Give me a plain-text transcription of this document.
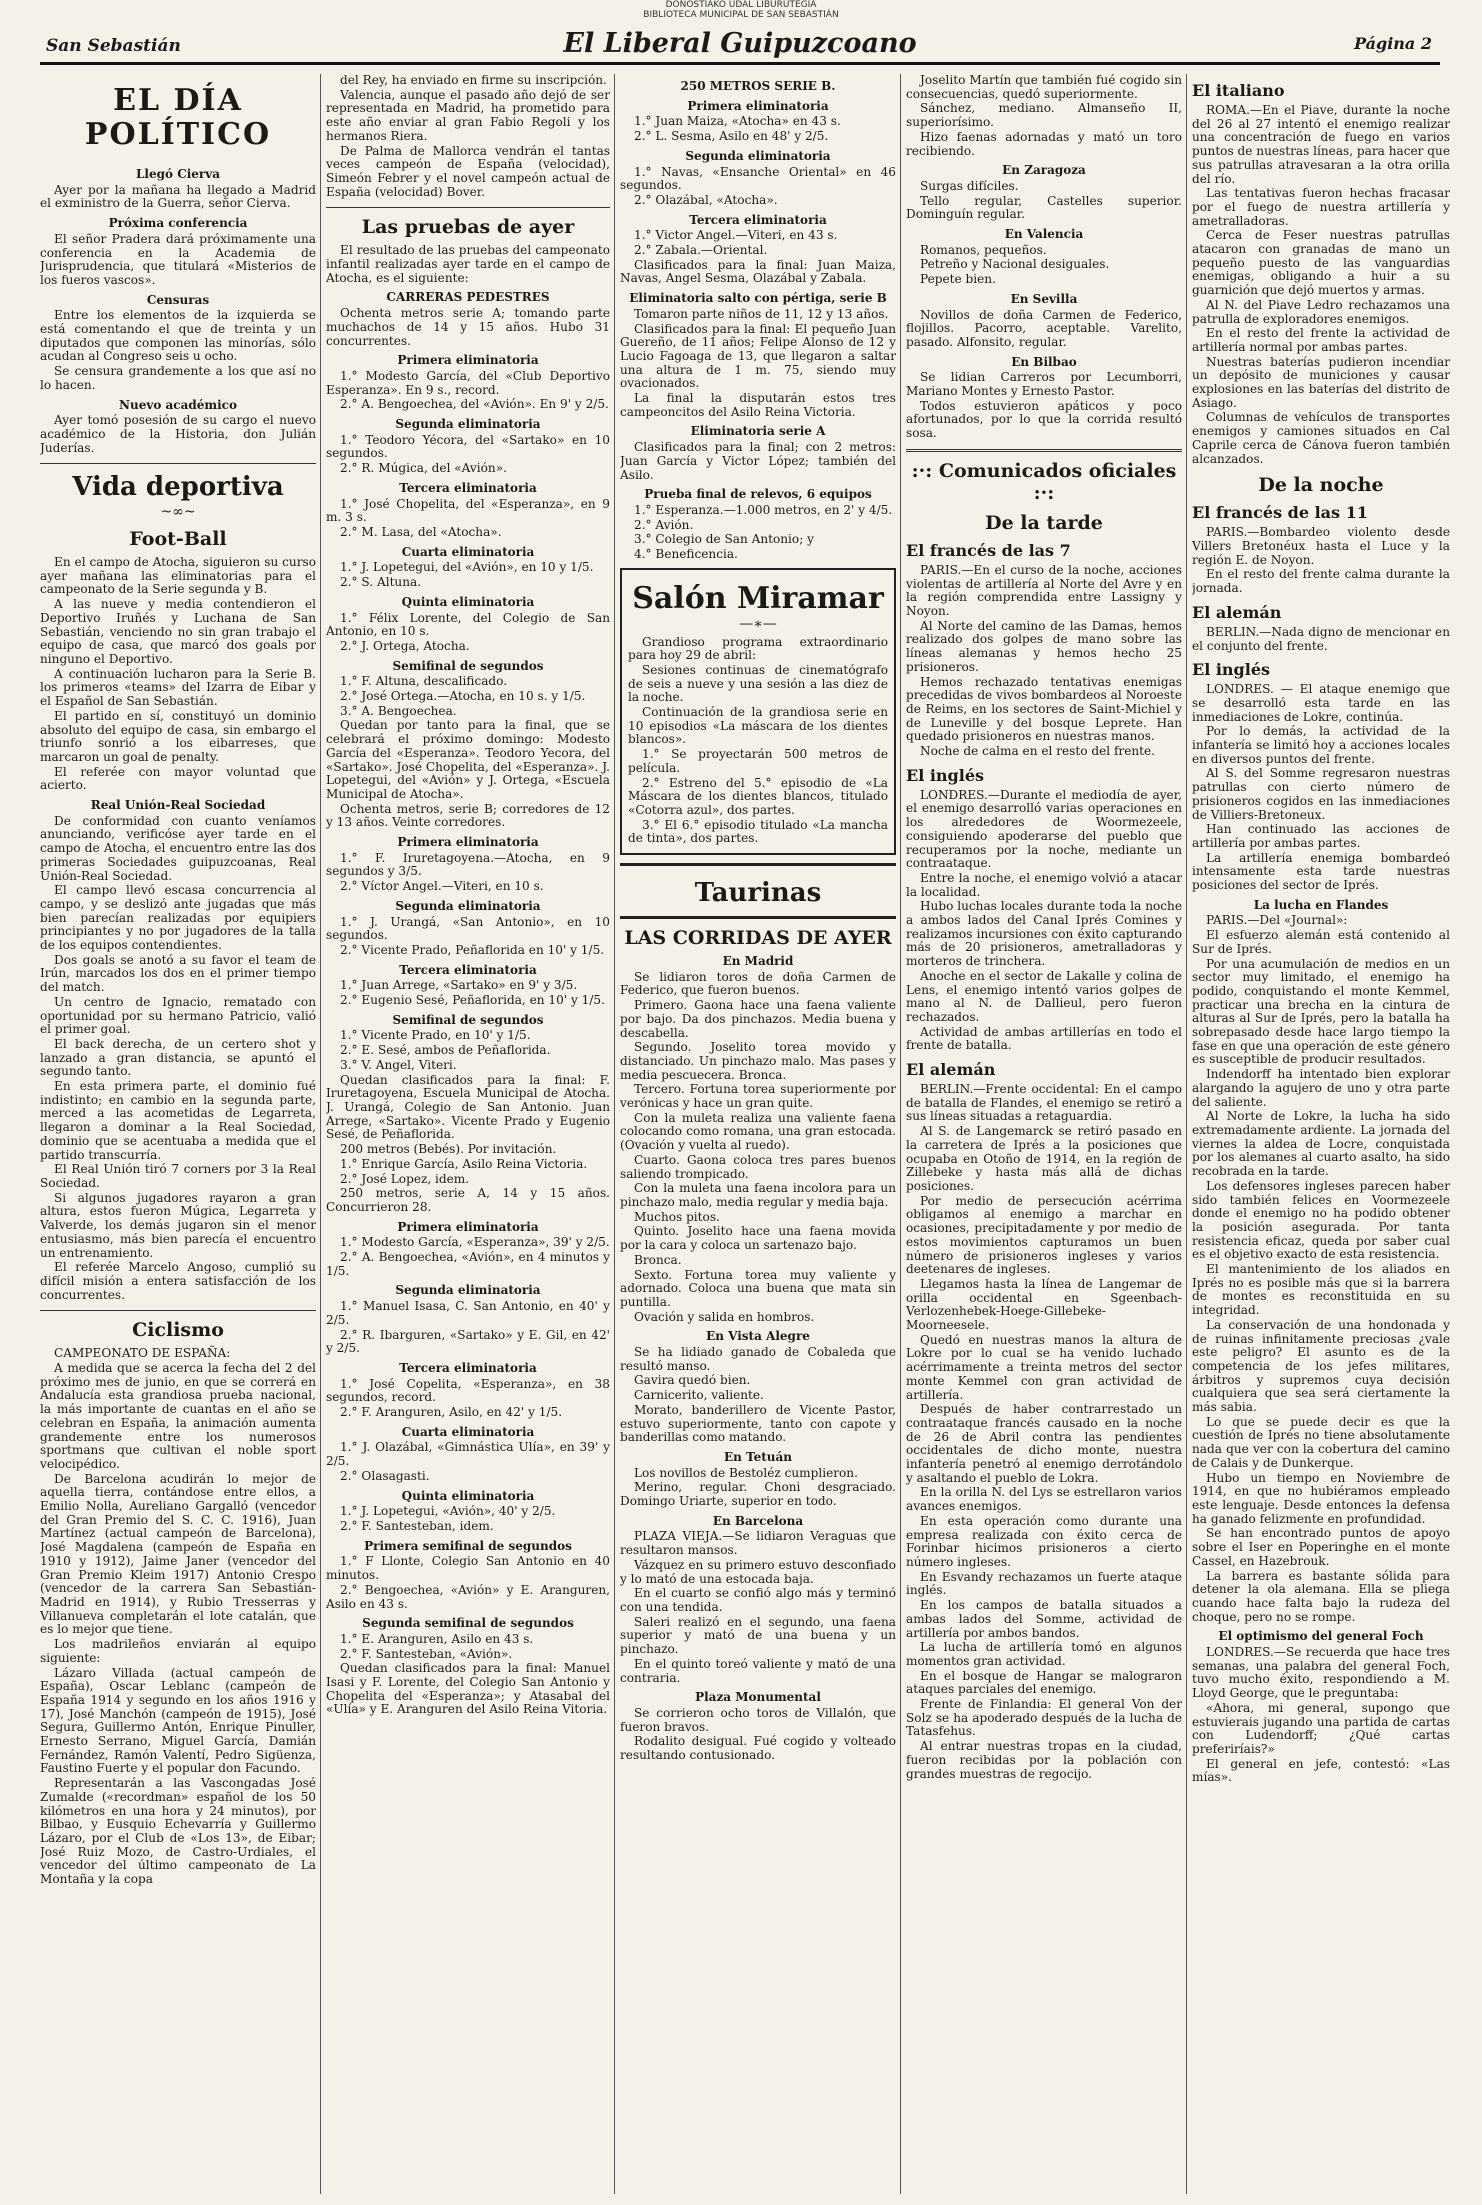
DONOSTIAKO UDAL LIBURUTEGIA
BIBLIOTECA MUNICIPAL DE SAN SEBASTIÁN
San Sebastián	El Liberal Guipuzcoano	Página 2
EL DÍA POLÍTICO
Llegó Cierva

Ayer por la mañana ha llegado a Madrid el exministro de la Guerra, señor Cierva.

Próxima conferencia

El señor Pradera dará próximamente una conferencia en la Academia de Jurisprudencia, que titulará «Misterios de los fueros vascos».

Censuras

Entre los elementos de la izquierda se está comentando el que de treinta y un diputados que componen las minorías, sólo acudan al Congreso seis u ocho.

Se censura grandemente a los que así no lo hacen.

Nuevo académico

Ayer tomó posesión de su cargo el nuevo académico de la Historia, don Julián Juderías.

Vida deportiva
~∞~
Foot-Ball

En el campo de Atocha, siguieron su curso ayer mañana las eliminatorias para el campeonato de la Serie segunda y B.

A las nueve y media contendieron el Deportivo Iruñés y Luchana de San Sebastián, venciendo no sin gran trabajo el equipo de casa, que marcó dos goals por ninguno el Deportivo.

A continuación lucharon para la Serie B. los primeros «teams» del Izarra de Eibar y el Español de San Sebastián.

El partido en sí, constituyó un dominio absoluto del equipo de casa, sin embargo el triunfo sonrió a los eibarreses, que marcaron un goal de penalty.

El referée con mayor voluntad que acierto.

Real Unión-Real Sociedad

De conformidad con cuanto veníamos anunciando, verificóse ayer tarde en el campo de Atocha, el encuentro entre las dos primeras Sociedades guipuzcoanas, Real Unión-Real Sociedad.

El campo llevó escasa concurrencia al campo, y se deslizó ante jugadas que más bien parecían realizadas por equipiers principiantes y no por jugadores de la talla de los equipos contendientes.

Dos goals se anotó a su favor el team de Irún, marcados los dos en el primer tiempo del match.

Un centro de Ignacio, rematado con oportunidad por su hermano Patricio, valió el primer goal.

El back derecha, de un certero shot y lanzado a gran distancia, se apuntó el segundo tanto.

En esta primera parte, el dominio fué indistinto; en cambio en la segunda parte, merced a las acometidas de Legarreta, llegaron a dominar a la Real Sociedad, dominio que se acentuaba a medida que el partido transcurría.

El Real Unión tiró 7 corners por 3 la Real Sociedad.

Si algunos jugadores rayaron a gran altura, estos fueron Múgica, Legarreta y Valverde, los demás jugaron sin el menor entusiasmo, más bien parecía el encuentro un entrenamiento.

El referée Marcelo Angoso, cumplió su difícil misión a entera satisfacción de los concurrentes.

Ciclismo

CAMPEONATO DE ESPAÑA:

A medida que se acerca la fecha del 2 del próximo mes de junio, en que se correrá en Andalucía esta grandiosa prueba nacional, la más importante de cuantas en el año se celebran en España, la animación aumenta grandemente entre los numerosos sportmans que cultivan el noble sport velocipédico.

De Barcelona acudirán lo mejor de aquella tierra, contándose entre ellos, a Emilio Nolla, Aureliano Gargalló (vencedor del Gran Premio del S. C. C. 1916), Juan Martínez (actual campeón de Barcelona), José Magdalena (campeón de España en 1910 y 1912), Jaime Janer (vencedor del Gran Premio Kleim 1917) Antonio Crespo (vencedor de la carrera San Sebastián-Madrid en 1914), y Rubio Tresserras y Villanueva completarán el lote catalán, que es lo mejor que tiene.

Los madrileños enviarán al equipo siguiente:

Lázaro Villada (actual campeón de España), Oscar Leblanc (campeón de España 1914 y segundo en los años 1916 y 17), José Manchón (campeón de 1915), José Segura, Guillermo Antón, Enrique Pinuller, Ernesto Serrano, Miguel García, Damián Fernández, Ramón Valentí, Pedro Sigüenza, Faustino Fuerte y el popular don Facundo.

Representarán a las Vascongadas José Zumalde («recordman» español de los 50 kilómetros en una hora y 24 minutos), por Bilbao, y Eusquio Echevarría y Guillermo Lázaro, por el Club de «Los 13», de Eibar; José Ruiz Mozo, de Castro-Urdiales, el vencedor del último campeonato de La Montaña y la copa

del Rey, ha enviado en firme su inscripción.

Valencia, aunque el pasado año dejó de ser representada en Madrid, ha prometido para este año enviar al gran Fabio Regoli y los hermanos Riera.

De Palma de Mallorca vendrán el tantas veces campeón de España (velocidad), Simeón Febrer y el novel campeón actual de España (velocidad) Bover.

Las pruebas de ayer

El resultado de las pruebas del campeonato infantil realizadas ayer tarde en el campo de Atocha, es el siguiente:

CARRERAS PEDESTRES

Ochenta metros serie A; tomando parte muchachos de 14 y 15 años. Hubo 31 concurrentes.

Primera eliminatoria

1.° Modesto García, del «Club Deportivo Esperanza». En 9 s., record.

2.° A. Bengoechea, del «Avión». En 9' y 2/5.

Segunda eliminatoria

1.° Teodoro Yécora, del «Sartako» en 10 segundos.

2.° R. Múgica, del «Avión».

Tercera eliminatoria

1.° José Chopelita, del «Esperanza», en 9 m. 3 s.

2.° M. Lasa, del «Atocha».

Cuarta eliminatoria

1.° J. Lopetegui, del «Avión», en 10 y 1/5.

2.° S. Altuna.

Quinta eliminatoria

1.° Félix Lorente, del Colegio de San Antonio, en 10 s.

2.° J. Ortega, Atocha.

Semifinal de segundos

1.° F. Altuna, descalificado.

2.° José Ortega.—Atocha, en 10 s. y 1/5.

3.° A. Bengoechea.

Quedan por tanto para la final, que se celebrará el próximo domingo: Modesto García del «Esperanza». Teodoro Yecora, del «Sartako». José Chopelita, del «Esperanza». J. Lopetegui, del «Avión» y J. Ortega, «Escuela Municipal de Atocha».

Ochenta metros, serie B; corredores de 12 y 13 años. Veinte corredores.

Primera eliminatoria

1.° F. Iruretagoyena.—Atocha, en 9 segundos y 3/5.

2.° Víctor Angel.—Viteri, en 10 s.

Segunda eliminatoria

1.° J. Urangá, «San Antonio», en 10 segundos.

2.° Vicente Prado, Peñaflorida en 10' y 1/5.

Tercera eliminatoria

1.° Juan Arrege, «Sartako» en 9' y 3/5.

2.° Eugenio Sesé, Peñaflorida, en 10' y 1/5.

Semifinal de segundos

1.° Vicente Prado, en 10' y 1/5.

2.° E. Sesé, ambos de Peñaflorida.

3.° V. Angel, Viteri.

Quedan clasificados para la final: F. Iruretagoyena, Escuela Municipal de Atocha. J. Urangá, Colegio de San Antonio. Juan Arrege, «Sartako». Vicente Prado y Eugenio Sesé, de Peñaflorida.

200 metros (Bebés). Por invitación.

1.° Enrique García, Asilo Reina Victoria.

2.° José Lopez, idem.

250 metros, serie A, 14 y 15 años. Concurrieron 28.

Primera eliminatoria

1.° Modesto García, «Esperanza», 39' y 2/5.

2.° A. Bengoechea, «Avión», en 4 minutos y 1/5.

Segunda eliminatoria

1.° Manuel Isasa, C. San Antonio, en 40' y 2/5.

2.° R. Ibarguren, «Sartako» y E. Gil, en 42' y 2/5.

Tercera eliminatoria

1.° José Copelita, «Esperanza», en 38 segundos, record.

2.° F. Aranguren, Asilo, en 42' y 1/5.

Cuarta eliminatoria

1.° J. Olazábal, «Gimnástica Ulía», en 39' y 2/5.

2.° Olasagasti.

Quinta eliminatoria

1.° J. Lopetegui, «Avión», 40' y 2/5.

2.° F. Santesteban, idem.

Primera semifinal de segundos

1.° F Llonte, Colegio San Antonio en 40 minutos.

2.° Bengoechea, «Avión» y E. Aranguren, Asilo en 43 s.

Segunda semifinal de segundos

1.° E. Aranguren, Asilo en 43 s.

2.° F. Santesteban, «Avión».

Quedan clasificados para la final: Manuel Isasi y F. Lorente, del Colegio San Antonio y Chopelita del «Esperanza»; y Atasabal del «Ulía» y E. Aranguren del Asilo Reina Vitoria.

250 METROS SERIE B.
Primera eliminatoria

1.° Juan Maiza, «Atocha» en 43 s.

2.° L. Sesma, Asilo en 48' y 2/5.

Segunda eliminatoria

1.° Navas, «Ensanche Oriental» en 46 segundos.

2.° Olazábal, «Atocha».

Tercera eliminatoria

1.° Victor Angel.—Viteri, en 43 s.

2.° Zabala.—Oriental.

Clasificados para la final: Juan Maiza, Navas, Angel Sesma, Olazábal y Zabala.

Eliminatoria salto con pértiga, serie B

Tomaron parte niños de 11, 12 y 13 años.

Clasificados para la final: El pequeño Juan Guereño, de 11 años; Felipe Alonso de 12 y Lucio Fagoaga de 13, que llegaron a saltar una altura de 1 m. 75, siendo muy ovacionados.

La final la disputarán estos tres campeoncitos del Asilo Reina Victoria.

Eliminatoria serie A

Clasificados para la final; con 2 metros: Juan García y Victor López; también del Asilo.

Prueba final de relevos, 6 equipos

1.° Esperanza.—1.000 metros, en 2' y 4/5.

2.° Avión.

3.° Colegio de San Antonio; y

4.° Beneficencia.

Salón Miramar
—∗—

Grandioso programa extraordinario para hoy 29 de abril:

Sesiones continuas de cinematógrafo de seis a nueve y una sesión a las diez de la noche.

Continuación de la grandiosa serie en 10 episodios «La máscara de los dientes blancos».

1.° Se proyectarán 500 metros de película.

2.° Estreno del 5.° episodio de «La Máscara de los dientes blancos, titulado «Cotorra azul», dos partes.

3.° El 6.° episodio titulado «La mancha de tinta», dos partes.

Taurinas
LAS CORRIDAS DE AYER
En Madrid

Se lidiaron toros de doña Carmen de Federico, que fueron buenos.

Primero. Gaona hace una faena valiente por bajo. Da dos pinchazos. Media buena y descabella.

Segundo. Joselito torea movido y distanciado. Un pinchazo malo. Mas pases y media pescuecera. Bronca.

Tercero. Fortuna torea superiormente por verónicas y hace un gran quite.

Con la muleta realiza una valiente faena colocando como romana, una gran estocada. (Ovación y vuelta al ruedo).

Cuarto. Gaona coloca tres pares buenos saliendo trompicado.

Con la muleta una faena incolora para un pinchazo malo, media regular y media baja.

Muchos pitos.

Quinto. Joselito hace una faena movida por la cara y coloca un sartenazo bajo.

Bronca.

Sexto. Fortuna torea muy valiente y adornado. Coloca una buena que mata sin puntilla.

Ovación y salida en hombros.

En Vista Alegre

Se ha lidiado ganado de Cobaleda que resultó manso.

Gavira quedó bien.

Carnicerito, valiente.

Morato, banderillero de Vicente Pastor, estuvo superiormente, tanto con capote y banderillas como matando.

En Tetuán

Los novillos de Bestoléz cumplieron.

Merino, regular. Choni desgraciado. Domingo Uriarte, superior en todo.

En Barcelona

PLAZA VIEJA.—Se lidiaron Veraguas que resultaron mansos.

Vázquez en su primero estuvo desconfiado y lo mató de una estocada baja.

En el cuarto se confió algo más y terminó con una tendida.

Saleri realizó en el segundo, una faena superior y mató de una buena y un pinchazo.

En el quinto toreó valiente y mató de una contraria.

Plaza Monumental

Se corrieron ocho toros de Villalón, que fueron bravos.

Rodalito desigual. Fué cogido y volteado resultando contusionado.

Joselito Martín que también fué cogido sin consecuencias, quedó superiormente.

Sánchez, mediano. Almanseño II, superiorísimo.

Hizo faenas adornadas y mató un toro recibiendo.

En Zaragoza

Surgas difíciles.

Tello regular, Castelles superior. Dominguín regular.

En Valencia

Romanos, pequeños.

Petreño y Nacional desiguales.

Pepete bien.

En Sevilla

Novillos de doña Carmen de Federico, flojillos. Pacorro, aceptable. Varelito, pasado. Alfonsito, regular.

En Bilbao

Se lidian Carreros por Lecumborri, Mariano Montes y Ernesto Pastor.

Todos estuvieron apáticos y poco afortunados, por lo que la corrida resultó sosa.

:·: Comunicados oficiales :·:
De la tarde
El francés de las 7

PARIS.—En el curso de la noche, acciones violentas de artillería al Norte del Avre y en la región comprendida entre Lassigny y Noyon.

Al Norte del camino de las Damas, hemos realizado dos golpes de mano sobre las líneas alemanas y hemos hecho 25 prisioneros.

Hemos rechazado tentativas enemigas precedidas de vivos bombardeos al Noroeste de Reims, en los sectores de Saint-Michiel y de Luneville y del bosque Leprete. Han quedado prisioneros en nuestras manos.

Noche de calma en el resto del frente.

El inglés

LONDRES.—Durante el mediodía de ayer, el enemigo desarrolló varias operaciones en los alrededores de Woormezeele, consiguiendo apoderarse del pueblo que recuperamos por la noche, mediante un contraataque.

Entre la noche, el enemigo volvió a atacar la localidad.

Hubo luchas locales durante toda la noche a ambos lados del Canal Iprés Comines y realizamos incursiones con éxito capturando más de 20 prisioneros, ametralladoras y morteros de trinchera.

Anoche en el sector de Lakalle y colina de Lens, el enemigo intentó varios golpes de mano al N. de Dallieul, pero fueron rechazados.

Actividad de ambas artillerías en todo el frente de batalla.

El alemán

BERLIN.—Frente occidental: En el campo de batalla de Flandes, el enemigo se retiró a sus líneas situadas a retaguardia.

Al S. de Langemarck se retiró pasado en la carretera de Iprés a la posiciones que ocupaba en Otoño de 1914, en la región de Zillebeke y hasta más allá de dichas posiciones.

Por medio de persecución acérrima obligamos al enemigo a marchar en ocasiones, precipitadamente y por medio de estos movimientos capturamos un buen número de prisioneros ingleses y varios deetenares de ingleses.

Llegamos hasta la línea de Langemar de orilla occidental en Sgeenbach-Verlozenhebek-Hoege-Gillebeke-Moorneesele.

Quedó en nuestras manos la altura de Lokre por lo cual se ha venido luchado acérrimamente a treinta metros del sector monte Kemmel con gran actividad de artillería.

Después de haber contrarrestado un contraataque francés causado en la noche de 26 de Abril contra las pendientes occidentales de dicho monte, nuestra infantería penetró al enemigo derrotándolo y asaltando el pueblo de Lokra.

En la orilla N. del Lys se estrellaron varios avances enemigos.

En esta operación como durante una empresa realizada con éxito cerca de Forinbar hicimos prisioneros a cierto número ingleses.

En Esvandy rechazamos un fuerte ataque inglés.

En los campos de batalla situados a ambas lados del Somme, actividad de artillería por ambos bandos.

La lucha de artillería tomó en algunos momentos gran actividad.

En el bosque de Hangar se malograron ataques parciales del enemigo.

Frente de Finlandia: El general Von der Solz se ha apoderado después de la lucha de Tatasfehus.

Al entrar nuestras tropas en la ciudad, fueron recibidas por la población con grandes muestras de regocijo.

El italiano

ROMA.—En el Piave, durante la noche del 26 al 27 intentó el enemigo realizar una concentración de fuego en varios puntos de nuestras líneas, para hacer que sus patrullas atravesaran a la otra orilla del río.

Las tentativas fueron hechas fracasar por el fuego de nuestra artillería y ametralladoras.

Cerca de Feser nuestras patrullas atacaron con granadas de mano un pequeño puesto de las vanguardias enemigas, obligando a huir a su guarnición que dejó muertos y armas.

Al N. del Piave Ledro rechazamos una patrulla de exploradores enemigos.

En el resto del frente la actividad de artillería normal por ambas partes.

Nuestras baterías pudieron incendiar un depósito de municiones y causar explosiones en las baterías del distrito de Asiago.

Columnas de vehículos de transportes enemigos y camiones situados en Cal Caprile cerca de Cánova fueron también alcanzados.

De la noche
El francés de las 11

PARIS.—Bombardeo violento desde Villers Bretonéux hasta el Luce y la región E. de Noyon.

En el resto del frente calma durante la jornada.

El alemán

BERLIN.—Nada digno de mencionar en el conjunto del frente.

El inglés

LONDRES. — El ataque enemigo que se desarrolló esta tarde en las inmediaciones de Lokre, continúa.

Por lo demás, la actividad de la infantería se limitó hoy a acciones locales en diversos puntos del frente.

Al S. del Somme regresaron nuestras patrullas con cierto número de prisioneros cogidos en las inmediaciones de Villiers-Bretoneux.

Han continuado las acciones de artillería por ambas partes.

La artillería enemiga bombardeó intensamente esta tarde nuestras posiciones del sector de Iprés.

La lucha en Flandes

PARIS.—Del «Journal»:

El esfuerzo alemán está contenido al Sur de Iprés.

Por una acumulación de medios en un sector muy limitado, el enemigo ha podido, conquistando el monte Kemmel, practicar una brecha en la cintura de alturas al Sur de Iprés, pero la batalla ha sobrepasado desde hace largo tiempo la fase en que una operación de este género es susceptible de producir resultados.

Indendorff ha intentado bien explorar alargando la agujero de uno y otra parte del saliente.

Al Norte de Lokre, la lucha ha sido extremadamente ardiente. La jornada del viernes la aldea de Locre, conquistada por los alemanes al cuarto asalto, ha sido recobrada en la tarde.

Los defensores ingleses parecen haber sido también felices en Voormezeele donde el enemigo no ha podido obtener la posición asegurada. Por tanta resistencia eficaz, queda por saber cual es el objetivo exacto de esta resistencia.

El mantenimiento de los aliados en Iprés no es posible más que si la barrera de montes es reconstituida en su integridad.

La conservación de una hondonada y de ruinas infinitamente preciosas ¿vale este peligro? El asunto es de la competencia de los jefes militares, árbitros y supremos cuya decisión cualquiera que sea será ciertamente la más sabia.

Lo que se puede decir es que la cuestión de Iprés no tiene absolutamente nada que ver con la cobertura del camino de Calais y de Dunkerque.

Hubo un tiempo en Noviembre de 1914, en que no hubiéramos empleado este lenguaje. Desde entonces la defensa ha ganado felizmente en profundidad.

Se han encontrado puntos de apoyo sobre el Iser en Poperinghe en el monte Cassel, en Hazebrouk.

La barrera es bastante sólida para detener la ola alemana. Ella se pliega cuando hace falta bajo la rudeza del choque, pero no se rompe.

El optimismo del general Foch

LONDRES.—Se recuerda que hace tres semanas, una palabra del general Foch, tuvo mucho éxito, respondiendo a M. Lloyd George, que le preguntaba:

«Ahora, mi general, supongo que estuvierais jugando una partida de cartas con Ludendorff; ¿Qué cartas preferiríais?»

El general en jefe, contestó: «Las mías».
